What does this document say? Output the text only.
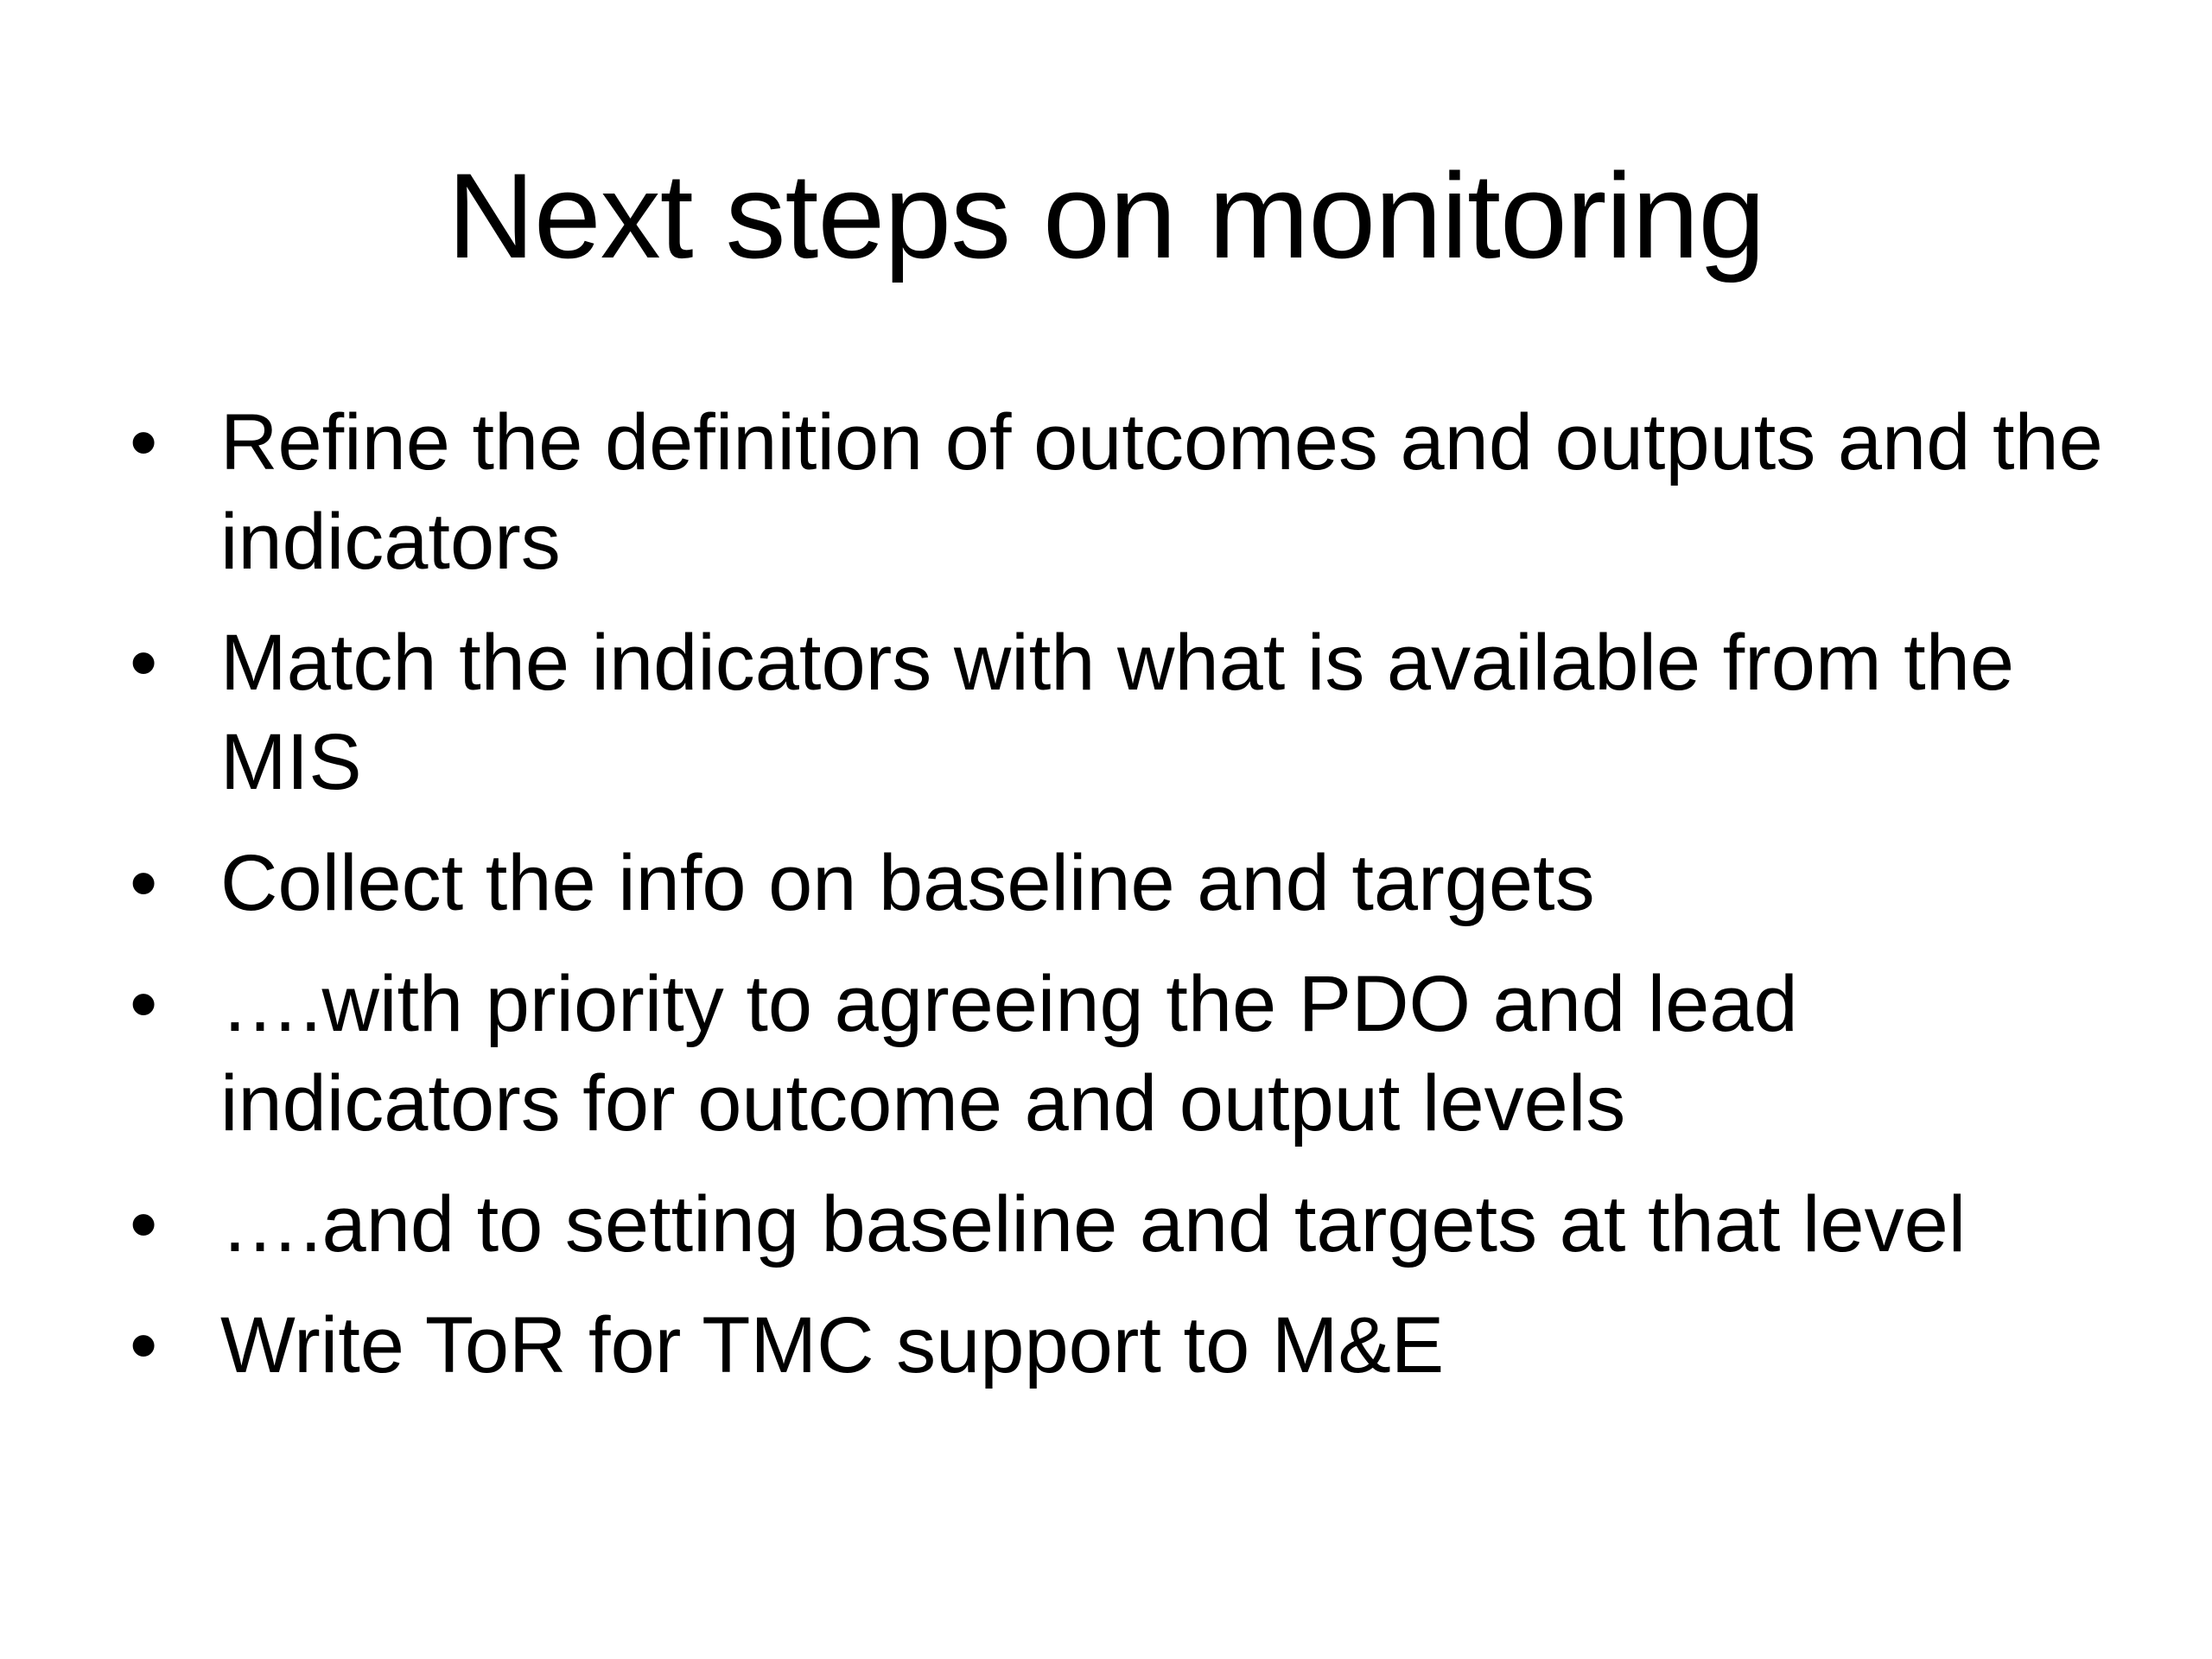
Next steps on monitoring
• Refine the definition of outcomes and outputs and the indicators
• Match the indicators with what is available from the MIS
• Collect the info on baseline and targets
• ….with priority to agreeing the PDO and lead indicators for outcome and output levels
• ….and to setting baseline and targets at that level
• Write ToR for TMC support to M&E
